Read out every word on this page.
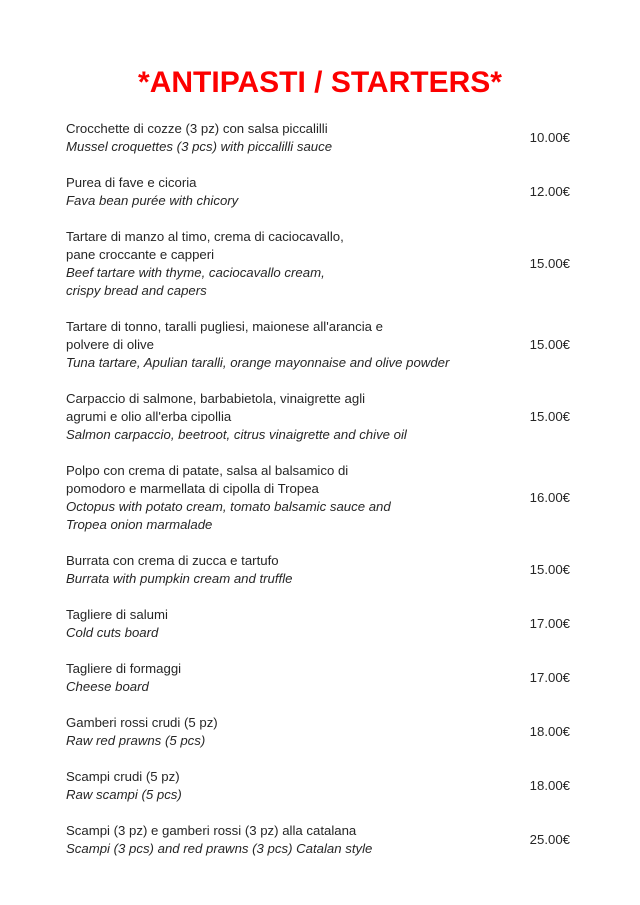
*ANTIPASTI / STARTERS*

Crocchette di cozze (3 pz) con salsa piccalilli

Mussel croquettes (3 pcs) with piccalilli sauce

10.00€

Purea di fave e cicoria

Fava bean purée with chicory

12.00€

Tartare di manzo al timo, crema di caciocavallo,

pane croccante e capperi

Beef tartare with thyme, caciocavallo cream,

crispy bread and capers

15.00€

Tartare di tonno, taralli pugliesi, maionese all'arancia e

polvere di olive

Tuna tartare, Apulian taralli, orange mayonnaise and olive powder

15.00€

Carpaccio di salmone, barbabietola, vinaigrette agli

agrumi e olio all'erba cipollia

Salmon carpaccio, beetroot, citrus vinaigrette and chive oil

15.00€

Polpo con crema di patate, salsa al balsamico di

pomodoro e marmellata di cipolla di Tropea

Octopus with potato cream, tomato balsamic sauce and

Tropea onion marmalade

16.00€

Burrata con crema di zucca e tartufo

Burrata with pumpkin cream and truffle

15.00€

Tagliere di salumi

Cold cuts board

17.00€

Tagliere di formaggi

Cheese board

17.00€

Gamberi rossi crudi (5 pz)

Raw red prawns (5 pcs)

18.00€

Scampi crudi (5 pz)

Raw scampi (5 pcs)

18.00€

Scampi (3 pz) e gamberi rossi (3 pz) alla catalana

Scampi (3 pcs) and red prawns (3 pcs) Catalan style

25.00€
